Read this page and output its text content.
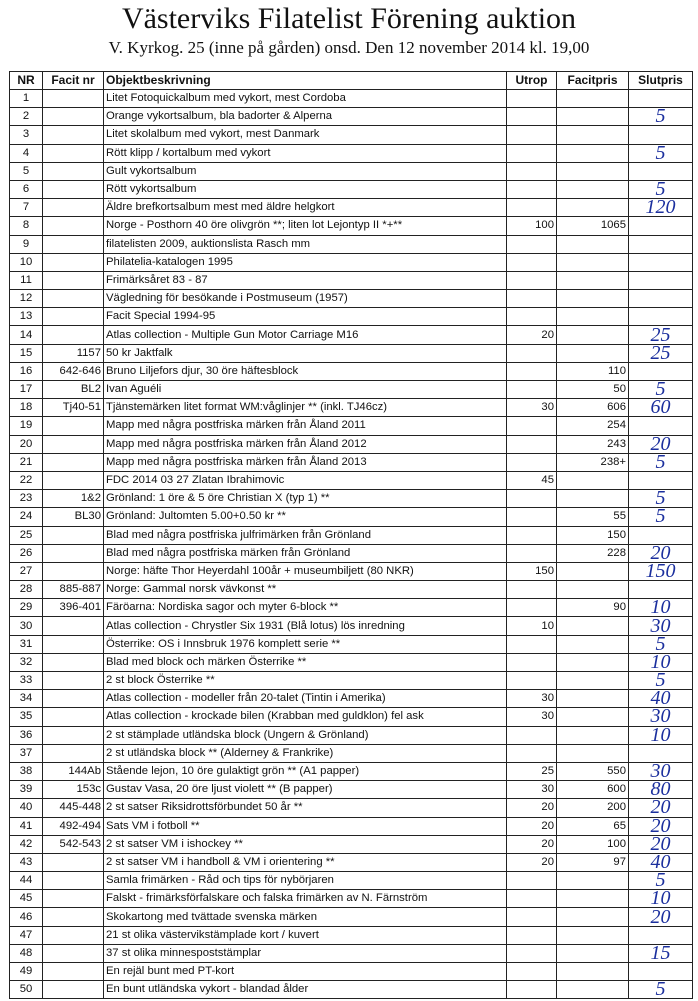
Västerviks Filatelist Förening auktion
V. Kyrkog. 25 (inne på gården) onsd. Den 12 november 2014 kl. 19,00
NR	Facit nr	Objektbeskrivning	Utrop	Facitpris	Slutpris
1		Litet Fotoquickalbum med vykort, mest Cordoba			
2		Orange vykortsalbum, bla badorter & Alperna			5
3		Litet skolalbum med vykort, mest Danmark			
4		Rött klipp / kortalbum med vykort			5
5		Gult vykortsalbum			
6		Rött vykortsalbum			5
7		Äldre brefkortsalbum mest med äldre helgkort			120
8		Norge - Posthorn 40 öre olivgrön **; liten lot Lejontyp II *+**	100	1065	
9		filatelisten 2009, auktionslista Rasch mm			
10		Philatelia-katalogen 1995			
11		Frimärksåret 83 - 87			
12		Vägledning för besökande i Postmuseum (1957)			
13		Facit Special 1994-95			
14		Atlas collection - Multiple Gun Motor Carriage M16	20		25
15	1157	50 kr Jaktfalk			25
16	642-646	Bruno Liljefors djur, 30 öre häftesblock		110	
17	BL2	Ivan Aguéli		50	5
18	Tj40-51	Tjänstemärken litet format WM:våglinjer ** (inkl. TJ46cz)	30	606	60
19		Mapp med några postfriska märken från Åland 2011		254	
20		Mapp med några postfriska märken från Åland 2012		243	20
21		Mapp med några postfriska märken från Åland 2013		238+	5
22		FDC 2014 03 27 Zlatan Ibrahimovic	45		
23	1&2	Grönland: 1 öre & 5 öre Christian X (typ 1) **			5
24	BL30	Grönland: Jultomten 5.00+0.50 kr **		55	5
25		Blad med några postfriska julfrimärken från Grönland		150	
26		Blad med några postfriska märken från Grönland		228	20
27		Norge: häfte Thor Heyerdahl 100år + museumbiljett (80 NKR)	150		150
28	885-887	Norge: Gammal norsk vävkonst **			
29	396-401	Färöarna: Nordiska sagor och myter 6-block **		90	10
30		Atlas collection - Chrystler Six 1931 (Blå lotus) lös inredning	10		30
31		Österrike: OS i Innsbruk 1976 komplett serie **			5
32		Blad med block och märken Österrike **			10
33		2 st block Österrike **			5
34		Atlas collection - modeller från 20-talet (Tintin i Amerika)	30		40
35		Atlas collection - krockade bilen (Krabban med guldklon) fel ask	30		30
36		2 st stämplade utländska block (Ungern & Grönland)			10
37		2 st utländska block ** (Alderney & Frankrike)			
38	144Ab	Stående lejon, 10 öre gulaktigt grön ** (A1 papper)	25	550	30
39	153c	Gustav Vasa, 20 öre ljust violett ** (B papper)	30	600	80
40	445-448	2 st satser Riksidrottsförbundet 50 år **	20	200	20
41	492-494	Sats VM i fotboll **	20	65	20
42	542-543	2 st satser VM i ishockey **	20	100	20
43		2 st satser VM i handboll & VM i orientering **	20	97	40
44		Samla frimärken - Råd och tips för nybörjaren			5
45		Falskt - frimärksförfalskare och falska frimärken av N. Färnström			10
46		Skokartong med tvättade svenska märken			20
47		21 st olika västervikstämplade kort / kuvert			
48		37 st olika minnespoststämplar			15
49		En rejäl bunt med PT-kort			
50		En bunt utländska vykort - blandad ålder			5
